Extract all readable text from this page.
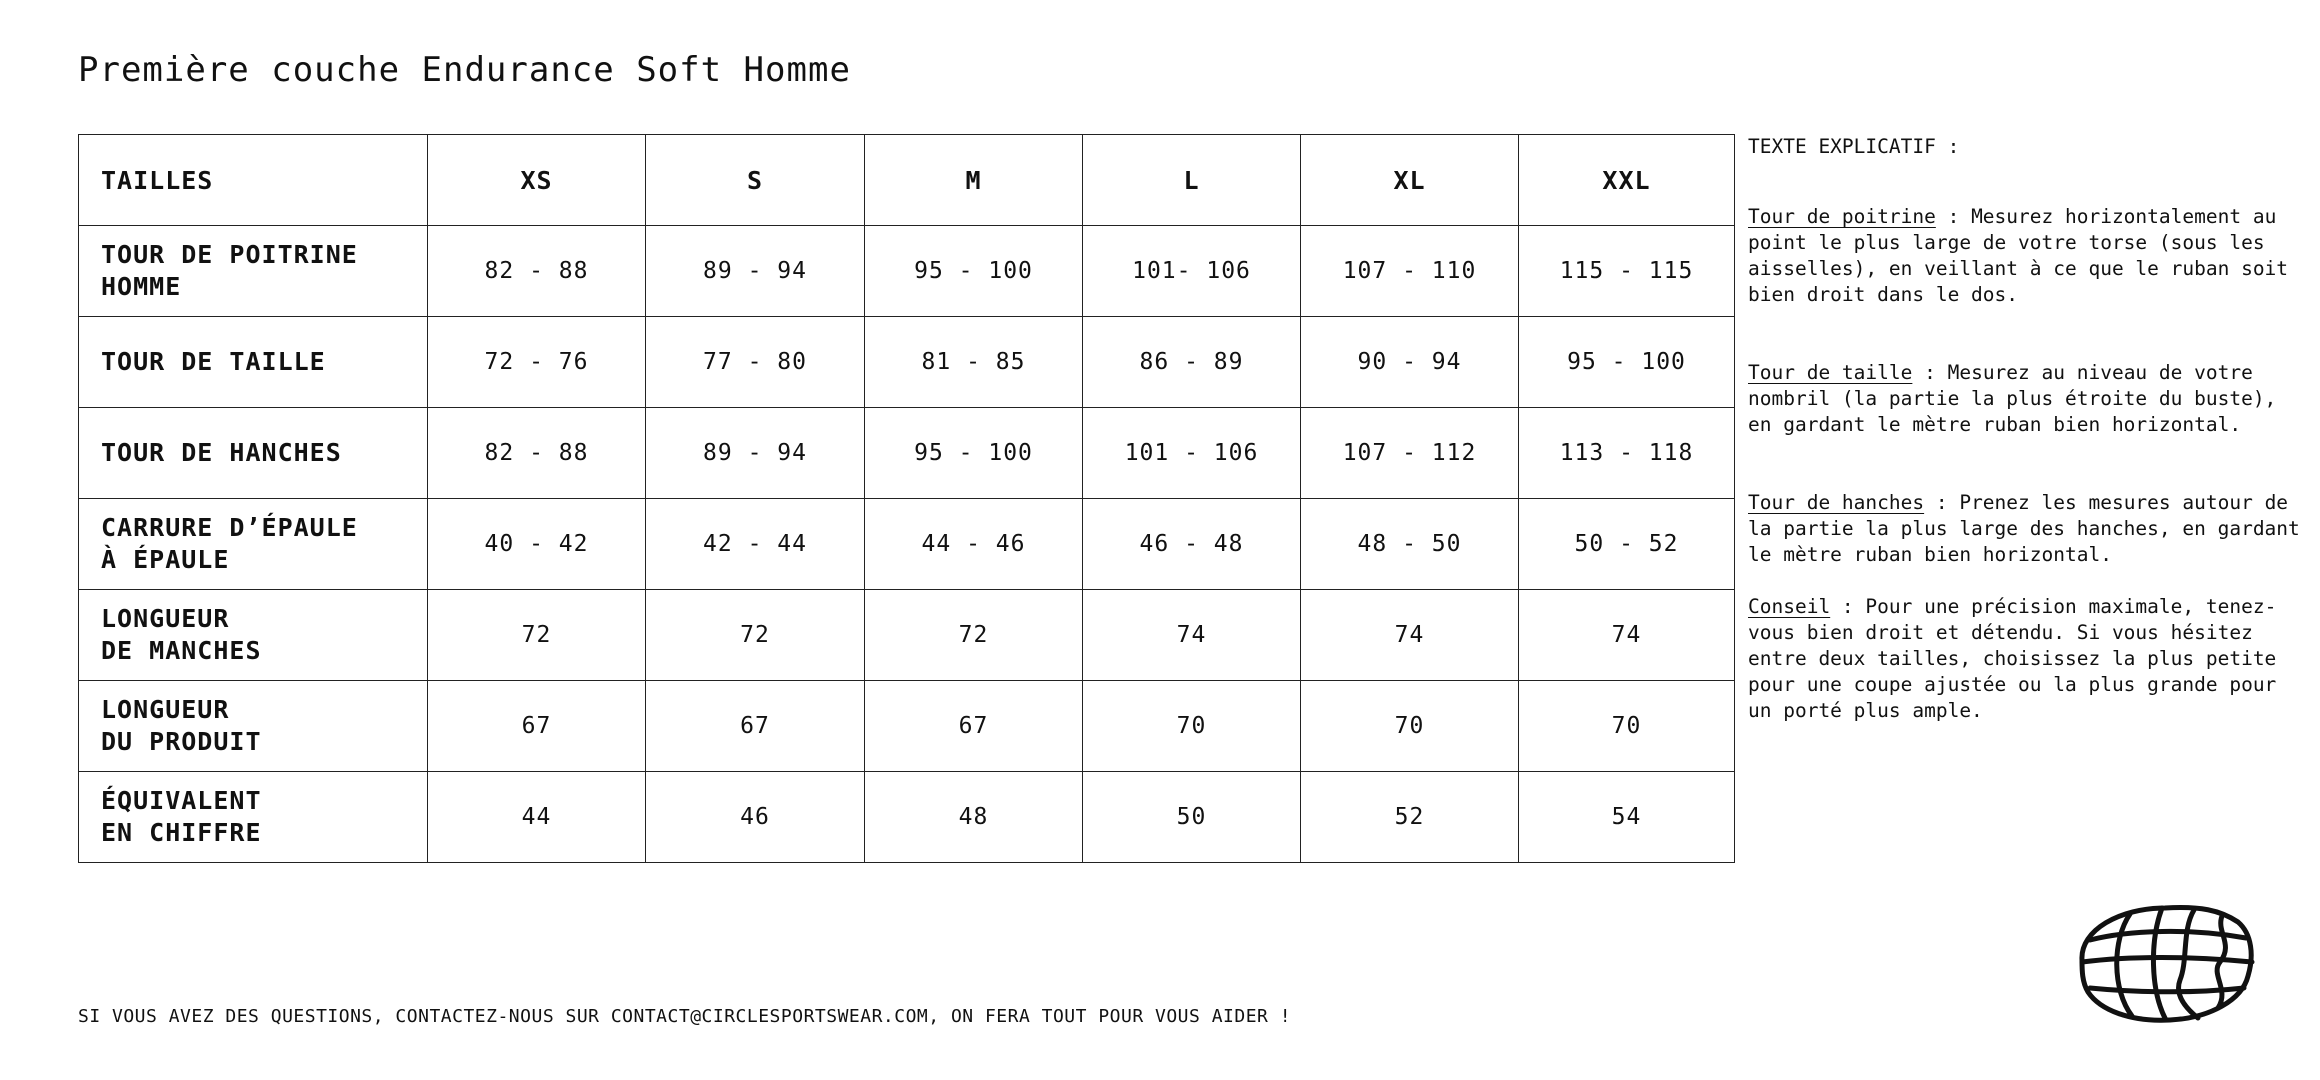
Première couche Endurance Soft Homme
TAILLES	XS	S	M	L	XL	XXL

TOUR DE POITRINE
HOMME	82 - 88	89 - 94	95 - 100	101- 106	107 - 110	115 - 115

TOUR DE TAILLE	72 - 76	77 - 80	81 - 85	86 - 89	90 - 94	95 - 100

TOUR DE HANCHES	82 - 88	89 - 94	95 - 100	101 - 106	107 - 112	113 - 118

CARRURE D’ÉPAULE
À ÉPAULE	40 - 42	42 - 44	44 - 46	46 - 48	48 - 50	50 - 52

LONGUEUR
DE MANCHES	72	72	72	74	74	74

LONGUEUR
DU PRODUIT	67	67	67	70	70	70

ÉQUIVALENT
EN CHIFFRE	44	46	48	50	52	54
TEXTE EXPLICATIF :

Tour de poitrine : Mesurez horizontalement au point le plus large de votre torse (sous les aisselles), en veillant à ce que le ruban soit bien droit dans le dos.

Tour de taille : Mesurez au niveau de votre nombril (la partie la plus étroite du buste), en gardant le mètre ruban bien horizontal.

Tour de hanches : Prenez les mesures autour de la partie la plus large des hanches, en gardant le mètre ruban bien horizontal.

Conseil : Pour une précision maximale, tenez-vous bien droit et détendu. Si vous hésitez entre deux tailles, choisissez la plus petite pour une coupe ajustée ou la plus grande pour un porté plus ample.

SI VOUS AVEZ DES QUESTIONS, CONTACTEZ-NOUS SUR CONTACT@CIRCLESPORTSWEAR.COM, ON FERA TOUT POUR VOUS AIDER !
